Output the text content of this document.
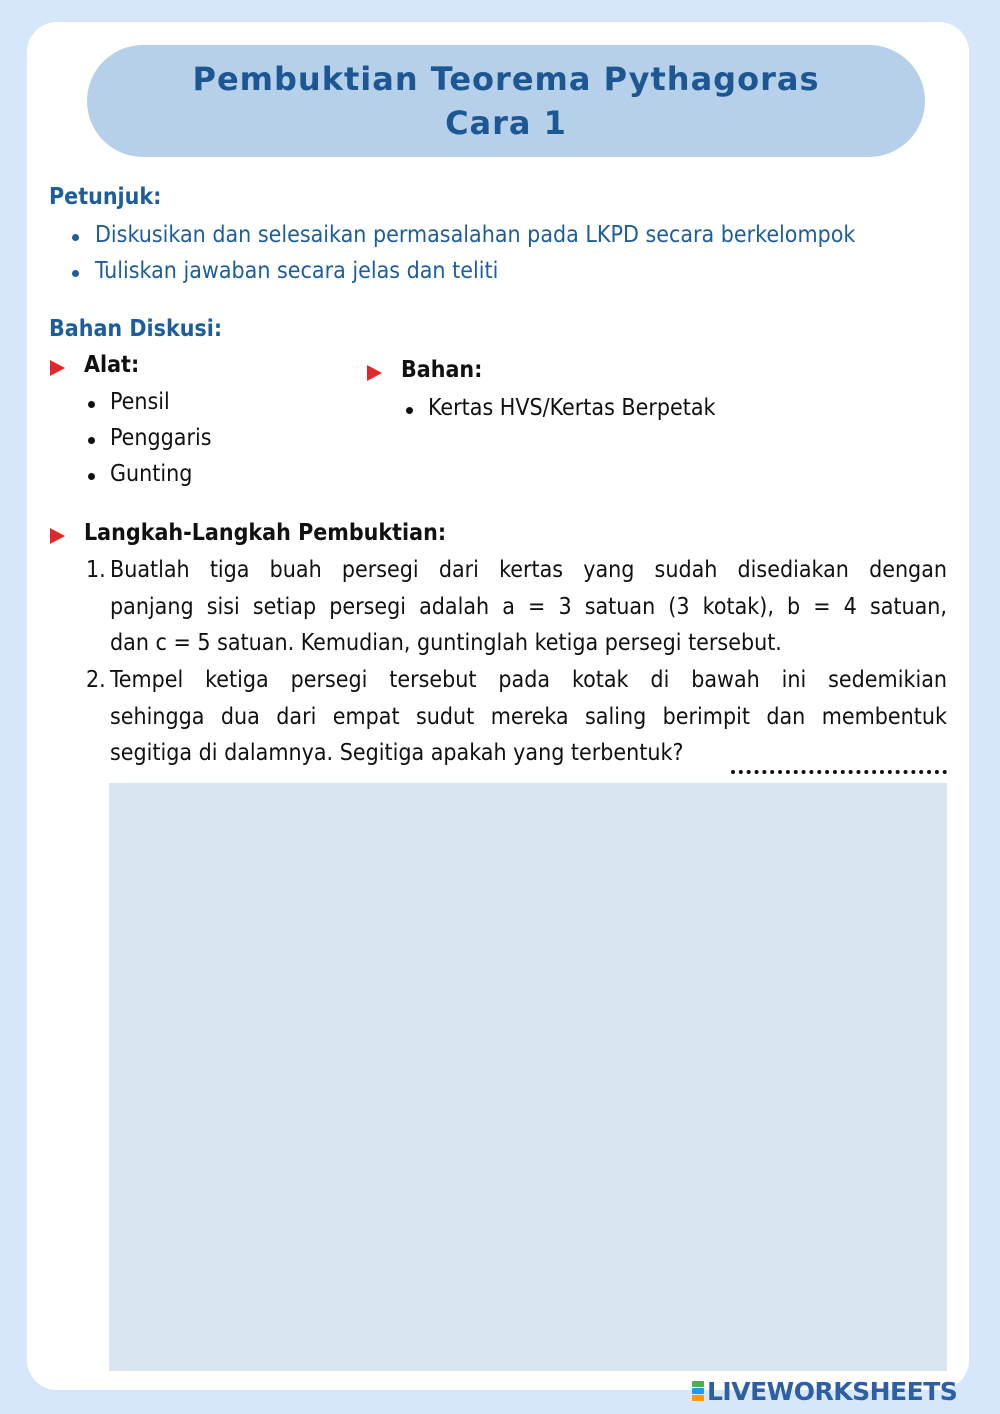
Pembuktian Teorema Pythagoras
Cara 1
Petunjuk:
Diskusikan dan selesaikan permasalahan pada LKPD secara berkelompok
Tuliskan jawaban secara jelas dan teliti
Bahan Diskusi:
Alat:
Pensil
Penggaris
Gunting
Bahan:
Kertas HVS/Kertas Berpetak
Langkah-Langkah Pembuktian:
1. Buatlah tiga buah persegi dari kertas yang sudah disediakan dengan
panjang sisi setiap persegi adalah a = 3 satuan (3 kotak), b = 4 satuan,
dan c = 5 satuan. Kemudian, guntinglah ketiga persegi tersebut.
2. Tempel ketiga persegi tersebut pada kotak di bawah ini sedemikian
sehingga dua dari empat sudut mereka saling berimpit dan membentuk
segitiga di dalamnya. Segitiga apakah yang terbentuk?
LIVEWORKSHEETS
